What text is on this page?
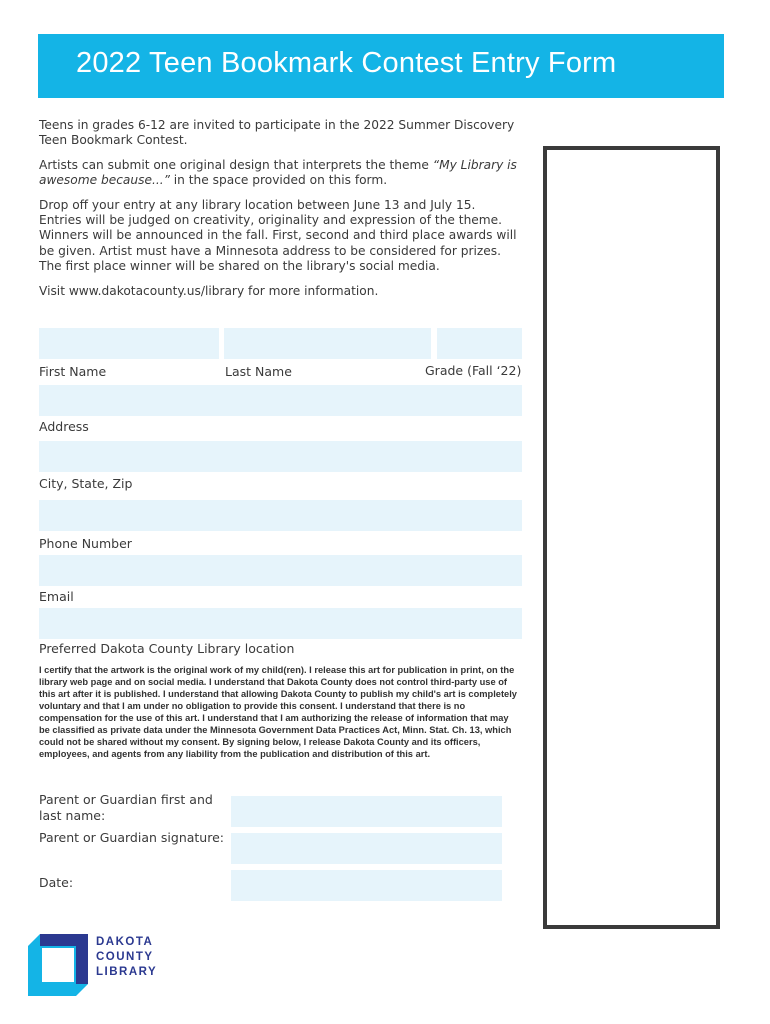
2022 Teen Bookmark Contest Entry Form

Teens in grades 6-12 are invited to participate in the 2022 Summer Discovery Teen Bookmark Contest.

Artists can submit one original design that interprets the theme “My Library is awesome because...” in the space provided on this form.

Drop off your entry at any library location between June 13 and July 15. Entries will be judged on creativity, originality and expression of the theme. Winners will be announced in the fall. First, second and third place awards will be given. Artist must have a Minnesota address to be considered for prizes. The first place winner will be shared on the library's social media.

Visit www.dakotacounty.us/library for more information.

First Name	Last Name	Grade (Fall ‘22)
Address
City, State, Zip
Phone Number
Email
Preferred Dakota County Library location
I certify that the artwork is the original work of my child(ren). I release this art for publication in print, on the library web page and on social media. I understand that Dakota County does not control third-party use of this art after it is published. I understand that allowing Dakota County to publish my child's art is completely voluntary and that I am under no obligation to provide this consent. I understand that there is no compensation for the use of this art. I understand that I am authorizing the release of information that may be classified as private data under the Minnesota Government Data Practices Act, Minn. Stat. Ch. 13, which could not be shared without my consent. By signing below, I release Dakota County and its officers, employees, and agents from any liability from the publication and distribution of this art.
Parent or Guardian first and last name:
Parent or Guardian signature:
Date:
DAKOTA
COUNTY
LIBRARY
